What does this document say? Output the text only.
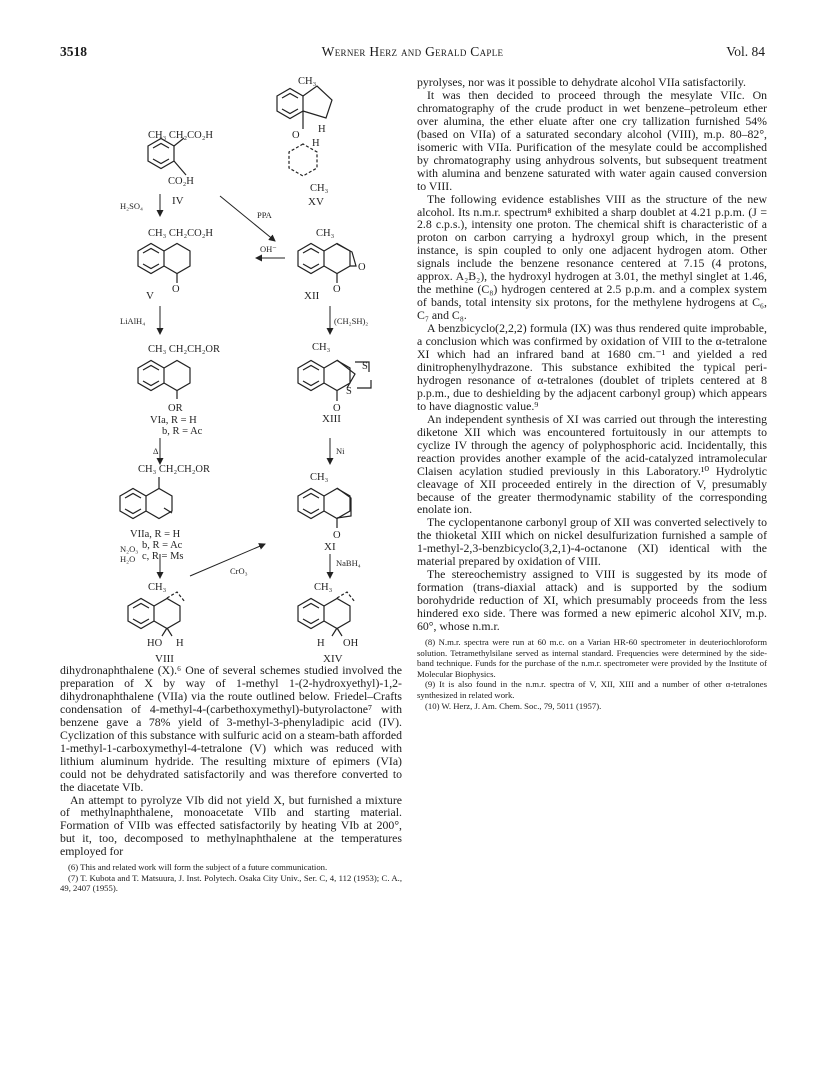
3518	Werner Herz and Gerald Caple	Vol. 84
CH₃ CH₂CO₂H
CO₂H
IV
H₂SO₄
PPA
CH₃
H
O
H
CH₃
XV
CH₃ CH₂CO₂H
O
V
OH⁻
CH₃
O
O
XII
LiAlH₄	(CH₂SH)₂
CH₃ CH₂CH₂OR
OR
VIa, R = H
b, R = Ac
CH₃
S
S
O
XIII
Δ	Ni
CH₃ CH₂CH₂OR
VIIa, R = H
b, R = Ac
c, R = Ms
CH₃
O
XI
N₂O₃
H₂O
CrO₃
NaBH₄
CH₃
HO H
VIII
CH₃
H OH
XIV

dihydronaphthalene (X).⁶ One of several schemes studied involved the preparation of X by way of 1-methyl 1-(2-hydroxyethyl)-1,2-dihydronaphthalene (VIIa) via the route outlined below. Friedel–Crafts condensation of 4-methyl-4-(carbethoxymethyl)-butyrolactone⁷ with benzene gave a 78% yield of 3-methyl-3-phenyladipic acid (IV). Cyclization of this substance with sulfuric acid on a steam-bath afforded 1-methyl-1-carboxymethyl-4-tetralone (V) which was reduced with lithium aluminum hydride. The resulting mixture of epimers (VIa) could not be dehydrated satisfactorily and was therefore converted to the diacetate VIb.

An attempt to pyrolyze VIb did not yield X, but furnished a mixture of methylnaphthalene, monoacetate VIIb and starting material. Formation of VIIb was effected satisfactorily by heating VIb at 200°, but it, too, decomposed to methylnaphthalene at the temperatures employed for

(6) This and related work will form the subject of a future communication.

(7) T. Kubota and T. Matsuura, J. Inst. Polytech. Osaka City Univ., Ser. C, 4, 112 (1953); C. A., 49, 2407 (1955).

pyrolyses, nor was it possible to dehydrate alcohol VIIa satisfactorily.

It was then decided to proceed through the mesylate VIIc. On chromatography of the crude product in wet benzene–petroleum ether over alumina, the ether eluate after one cry tallization furnished 54% (based on VIIa) of a saturated secondary alcohol (VIII), m.p. 80–82°, isomeric with VIIa. Purification of the mesylate could be accomplished by chromatography using anhydrous solvents, but subsequent treatment with alumina and benzene saturated with water again caused conversion to VIII.

The following evidence establishes VIII as the structure of the new alcohol. Its n.m.r. spectrum⁸ exhibited a sharp doublet at 4.21 p.p.m. (J = 2.8 c.p.s.), intensity one proton. The chemical shift is characteristic of a proton on carbon carrying a hydroxyl group which, in the present instance, is spin coupled to only one adjacent hydrogen atom. Other signals include the benzene resonance centered at 7.15 (4 protons, approx. A₂B₂), the hydroxyl hydrogen at 3.01, the methyl singlet at 1.46, the methine (C₈) hydrogen centered at 2.5 p.p.m. and a complex system of bands, total intensity six protons, for the methylene hydrogens at C₆, C₇ and C₈.

A benzbicyclo(2,2,2) formula (IX) was thus rendered quite improbable, a conclusion which was confirmed by oxidation of VIII to the α-tetralone XI which had an infrared band at 1680 cm.⁻¹ and yielded a red dinitrophenylhydrazone. This substance exhibited the typical peri-hydrogen resonance of α-tetralones (doublet of triplets centered at 8 p.p.m., due to deshielding by the adjacent carbonyl group) which appears to have diagnostic value.⁹

An independent synthesis of XI was carried out through the interesting diketone XII which was encountered fortuitously in our attempts to cyclize IV through the agency of polyphosphoric acid. Incidentally, this reaction provides another example of the acid-catalyzed intramolecular Claisen acylation studied previously in this Laboratory.¹⁰ Hydrolytic cleavage of XII proceeded entirely in the direction of V, presumably because of the greater thermodynamic stability of the corresponding enolate ion.

The cyclopentanone carbonyl group of XII was converted selectively to the thioketal XIII which on nickel desulfurization furnished a sample of 1-methyl-2,3-benzbicyclo(3,2,1)-4-octanone (XI) identical with the material prepared by oxidation of VIII.

The stereochemistry assigned to VIII is suggested by its mode of formation (trans-diaxial attack) and is supported by the sodium borohydride reduction of XI, which presumably proceeds from the less hindered exo side. There was formed a new epimeric alcohol XIV, m.p. 60°, whose n.m.r.

(8) N.m.r. spectra were run at 60 m.c. on a Varian HR-60 spectrometer in deuteriochloroform solution. Tetramethylsilane served as internal standard. Frequencies were determined by the side-band technique. Funds for the purchase of the n.m.r. spectrometer were provided by the Institute of Molecular Biophysics.

(9) It is also found in the n.m.r. spectra of V, XII, XIII and a number of other α-tetralones synthesized in related work.

(10) W. Herz, J. Am. Chem. Soc., 79, 5011 (1957).
